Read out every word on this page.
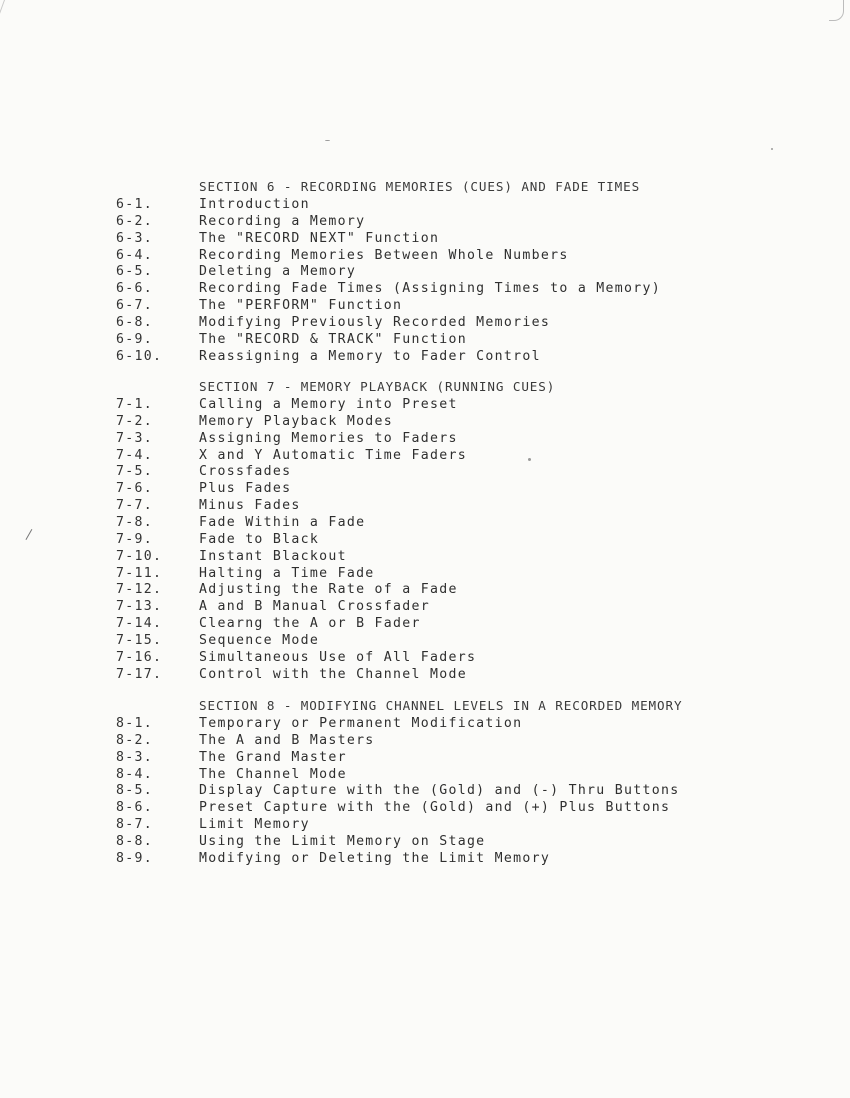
SECTION 6 - RECORDING MEMORIES (CUES) AND FADE TIMES
6-1.	Introduction
6-2.	Recording a Memory
6-3.	The "RECORD NEXT" Function
6-4.	Recording Memories Between Whole Numbers
6-5.	Deleting a Memory
6-6.	Recording Fade Times (Assigning Times to a Memory)
6-7.	The "PERFORM" Function
6-8.	Modifying Previously Recorded Memories
6-9.	The "RECORD & TRACK" Function
6-10.	Reassigning a Memory to Fader Control
SECTION 7 - MEMORY PLAYBACK (RUNNING CUES)
7-1.	Calling a Memory into Preset
7-2.	Memory Playback Modes
7-3.	Assigning Memories to Faders
7-4.	X and Y Automatic Time Faders
7-5.	Crossfades
7-6.	Plus Fades
7-7.	Minus Fades
7-8.	Fade Within a Fade
7-9.	Fade to Black
7-10.	Instant Blackout
7-11.	Halting a Time Fade
7-12.	Adjusting the Rate of a Fade
7-13.	A and B Manual Crossfader
7-14.	Clearng the A or B Fader
7-15.	Sequence Mode
7-16.	Simultaneous Use of All Faders
7-17.	Control with the Channel Mode
SECTION 8 - MODIFYING CHANNEL LEVELS IN A RECORDED MEMORY
8-1.	Temporary or Permanent Modification
8-2.	The A and B Masters
8-3.	The Grand Master
8-4.	The Channel Mode
8-5.	Display Capture with the (Gold) and (-) Thru Buttons
8-6.	Preset Capture with the (Gold) and (+) Plus Buttons
8-7.	Limit Memory
8-8.	Using the Limit Memory on Stage
8-9.	Modifying or Deleting the Limit Memory
